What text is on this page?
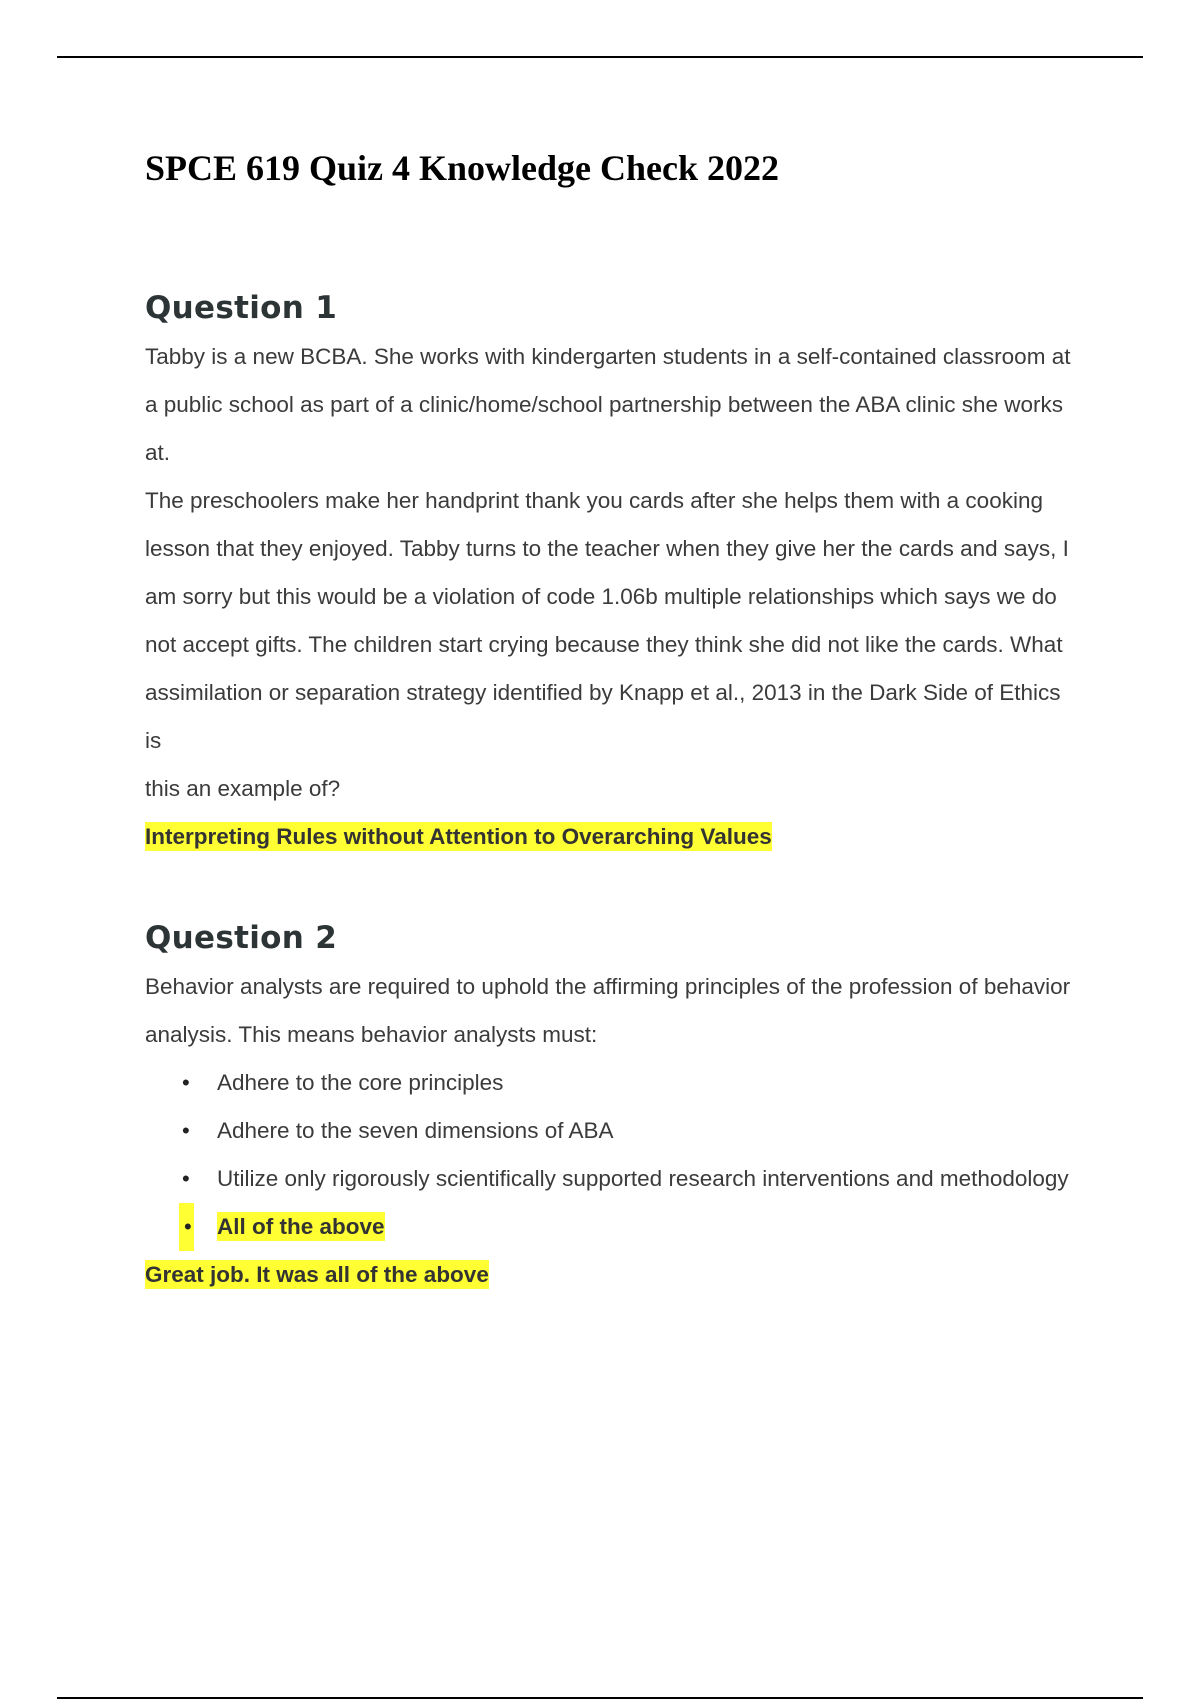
SPCE 619 Quiz 4 Knowledge Check 2022
Question 1

Tabby is a new BCBA. She works with kindergarten students in a self-contained classroom at a public school as part of a clinic/home/school partnership between the ABA clinic she works at.

The preschoolers make her handprint thank you cards after she helps them with a cooking lesson that they enjoyed. Tabby turns to the teacher when they give her the cards and says, I am sorry but this would be a violation of code 1.06b multiple relationships which says we do not accept gifts. The children start crying because they think she did not like the cards. What assimilation or separation strategy identified by Knapp et al., 2013 in the Dark Side of Ethics is

this an example of?

Interpreting Rules without Attention to Overarching Values

Question 2

Behavior analysts are required to uphold the affirming principles of the profession of behavior analysis. This means behavior analysts must:

• Adhere to the core principles
• Adhere to the seven dimensions of ABA
• Utilize only rigorously scientifically supported research interventions and methodology
• All of the above

Great job. It was all of the above
